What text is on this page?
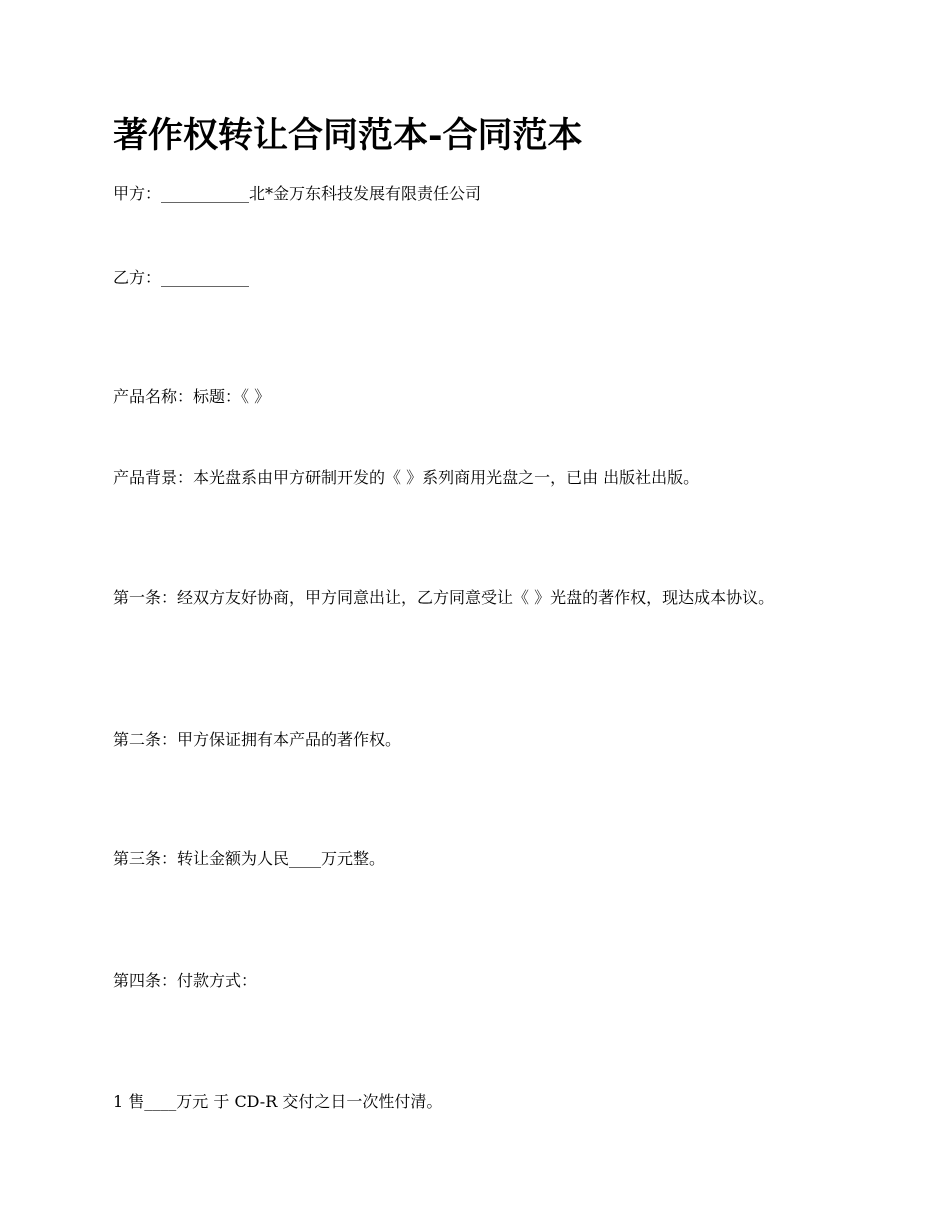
著作权转让合同范本-合同范本
甲方：___________北*金万东科技发展有限责任公司
乙方：___________
产品名称：标题：《 》
产品背景：本光盘系由甲方研制开发的《 》系列商用光盘之一，已由 出版社出版。
第一条：经双方友好协商，甲方同意出让，乙方同意受让《 》光盘的著作权，现达成本协议。
第二条：甲方保证拥有本产品的著作权。
第三条：转让金额为人民____万元整。
第四条：付款方式：
1 售____万元 于 CD-R 交付之日一次性付清。
